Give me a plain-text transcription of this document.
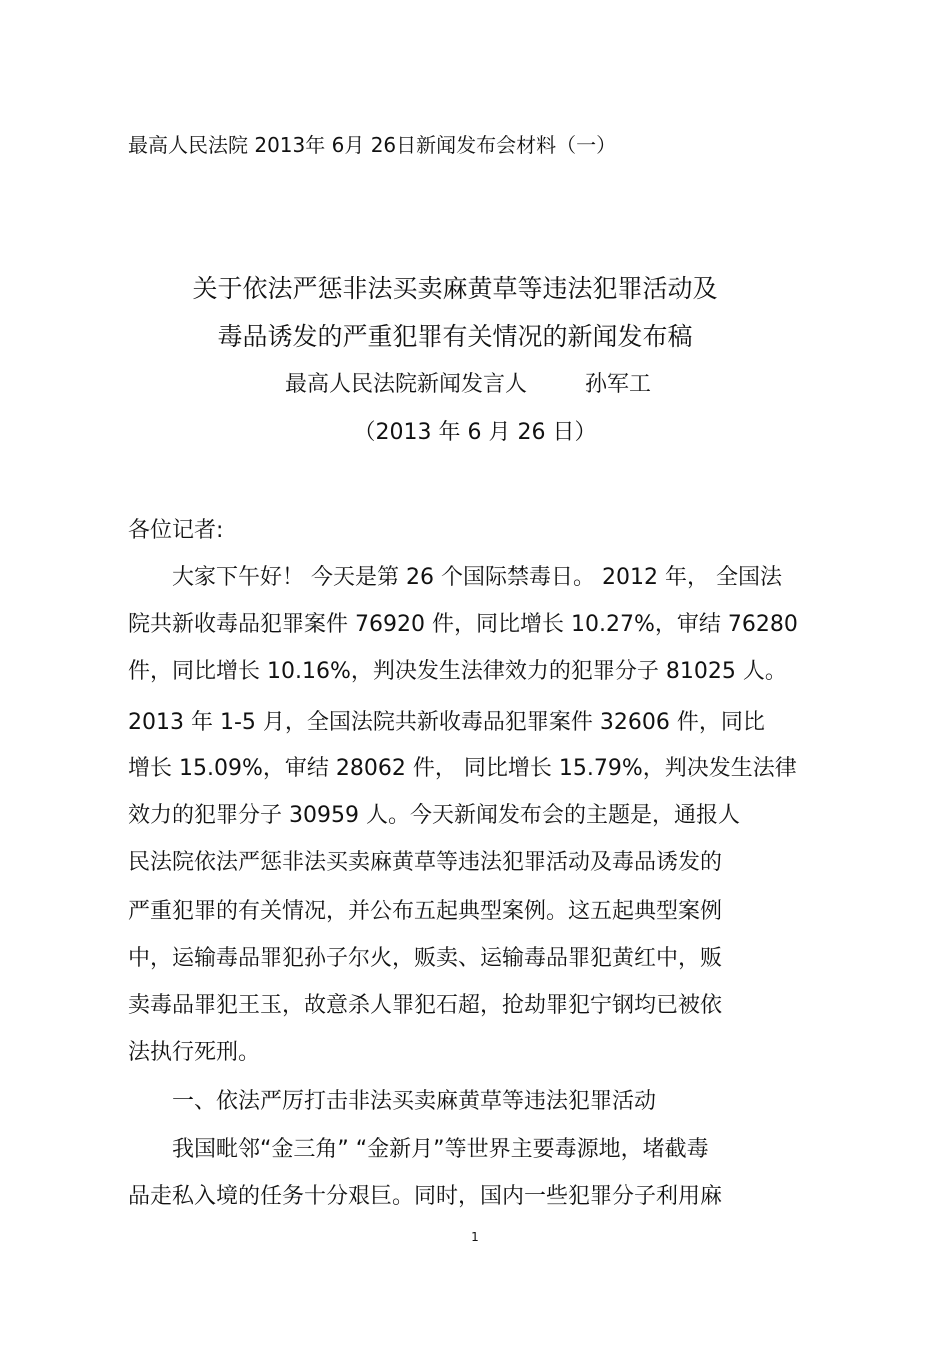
最高人民法院 2013年 6月 26日新闻发布会材料（一）
关于依法严惩非法买卖麻黄草等违法犯罪活动及
毒品诱发的严重犯罪有关情况的新闻发布稿
最高人民法院新闻发言人	孙军工
（2013 年 6 月 26 日）
各位记者:
　　大家下午好！ 今天是第 26 个国际禁毒日。 2012 年， 全国法
院共新收毒品犯罪案件 76920 件，同比增长 10.27%，审结 76280
件，同比增长 10.16%，判决发生法律效力的犯罪分子 81025 人。
2013 年 1-5 月，全国法院共新收毒品犯罪案件 32606 件，同比
增长 15.09%，审结 28062 件， 同比增长 15.79%，判决发生法律
效力的犯罪分子 30959 人。今天新闻发布会的主题是，通报人
民法院依法严惩非法买卖麻黄草等违法犯罪活动及毒品诱发的
严重犯罪的有关情况，并公布五起典型案例。这五起典型案例
中，运输毒品罪犯孙子尔火，贩卖、运输毒品罪犯黄红中，贩
卖毒品罪犯王玉，故意杀人罪犯石超，抢劫罪犯宁钢均已被依
法执行死刑。
　　一、依法严厉打击非法买卖麻黄草等违法犯罪活动
　　我国毗邻“金三角” “金新月”等世界主要毒源地，堵截毒
品走私入境的任务十分艰巨。同时，国内一些犯罪分子利用麻
1
